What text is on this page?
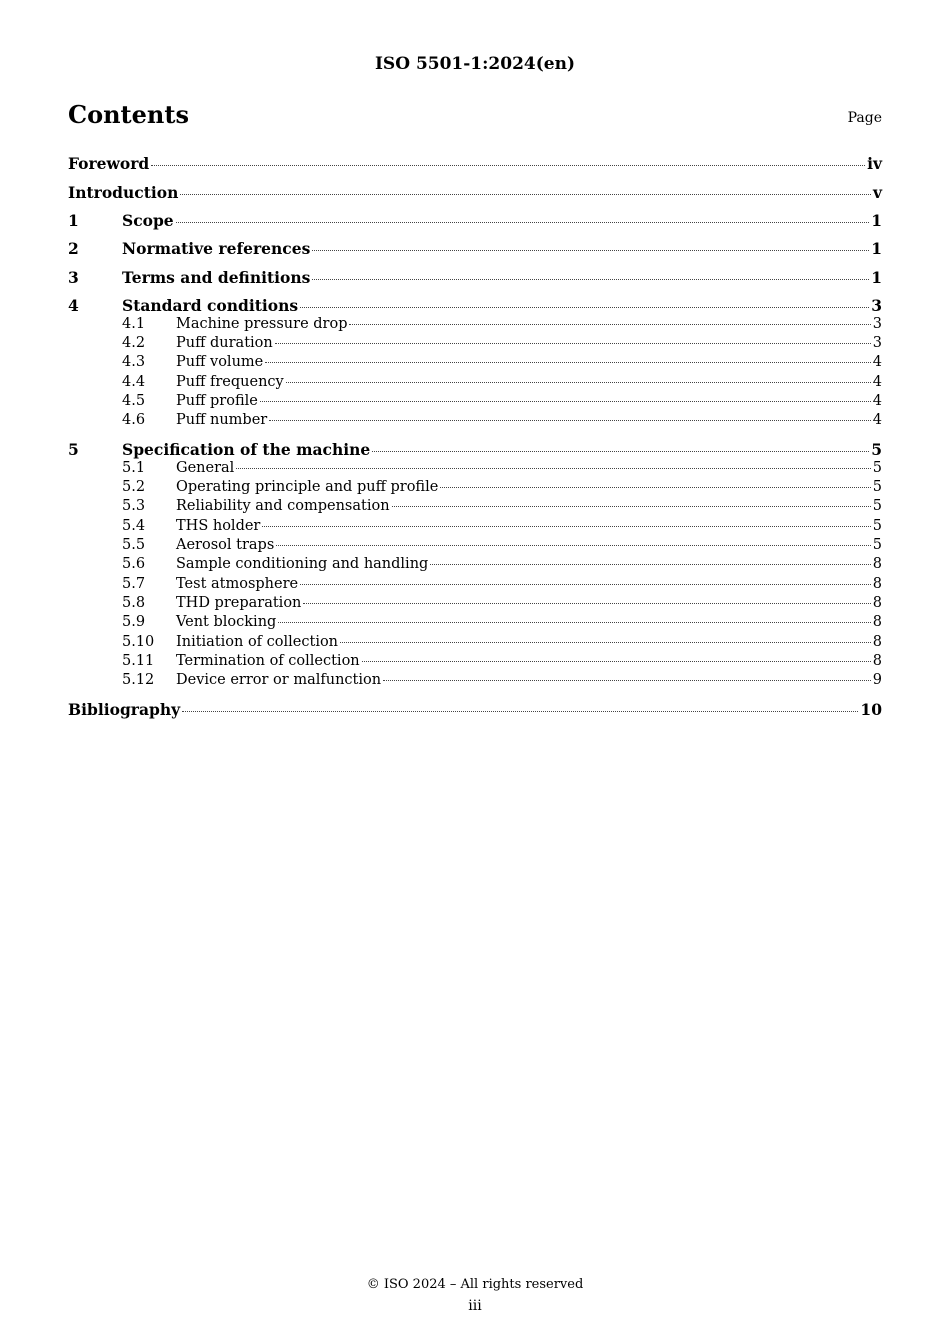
ISO 5501-1:2024(en)
Contents	Page
Foreword	iv
Introduction	v
1	Scope	1
2	Normative references	1
3	Terms and definitions	1
4	Standard conditions	3
4.1	Machine pressure drop	3
4.2	Puff duration	3
4.3	Puff volume	4
4.4	Puff frequency	4
4.5	Puff profile	4
4.6	Puff number	4
5	Specification of the machine	5
5.1	General	5
5.2	Operating principle and puff profile	5
5.3	Reliability and compensation	5
5.4	THS holder	5
5.5	Aerosol traps	5
5.6	Sample conditioning and handling	8
5.7	Test atmosphere	8
5.8	THD preparation	8
5.9	Vent blocking	8
5.10	Initiation of collection	8
5.11	Termination of collection	8
5.12	Device error or malfunction	9
Bibliography	10
© ISO 2024 – All rights reserved
iii
